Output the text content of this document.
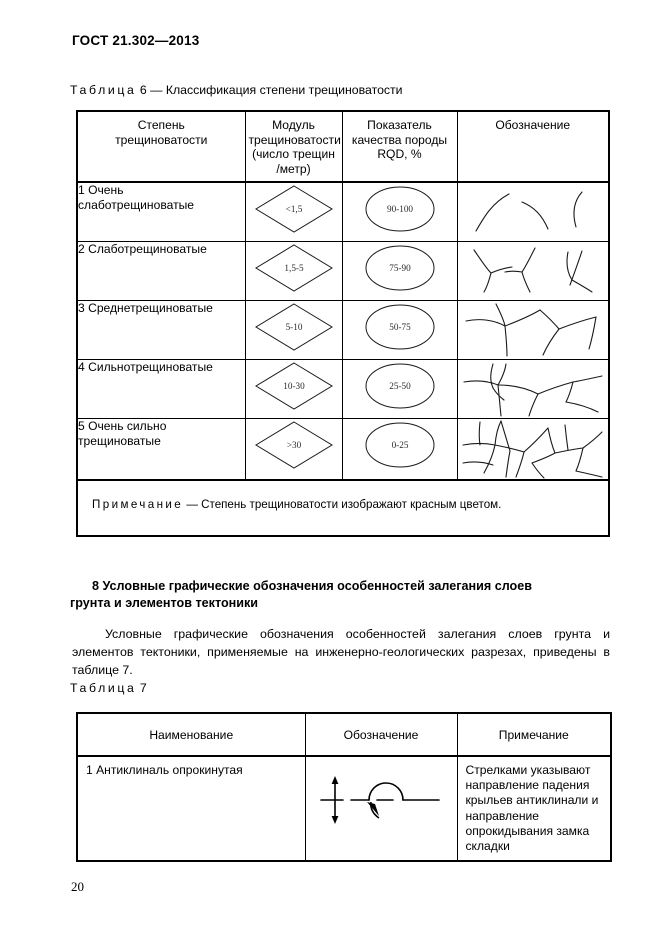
ГОСТ 21.302—2013
Таблица 6 — Классификация степени трещиноватости
Степень
трещиноватости	Модуль
трещиноватости
(число трещин
/метр)	Показатель
качества породы
RQD, %	Обозначение
1 Очень
слаботрещиноватые	<1,5	90-100

2 Слаботрещиноватые	1,5-5	75-90

3 Среднетрещиноватые	5-10	50-75

4 Сильнотрещиноватые	10-30	25-50

5 Очень сильно
трещиноватые	>30	0-25

Примечание — Степень трещиноватости изображают красным цветом.			
8 Условные графические обозначения особенностей залегания слоев
грунта и элементов тектоники
Условные графические обозначения особенностей залегания слоев грунта и элементов тектоники, применяемые на инженерно-геологических разрезах, приведены в таблице 7.
Таблица 7
Наименование	Обозначение	Примечание
1 Антиклиналь опрокинутая		Стрелками указывают
направление падения
крыльев антиклинали и
направление
опрокидывания замка
складки
20
